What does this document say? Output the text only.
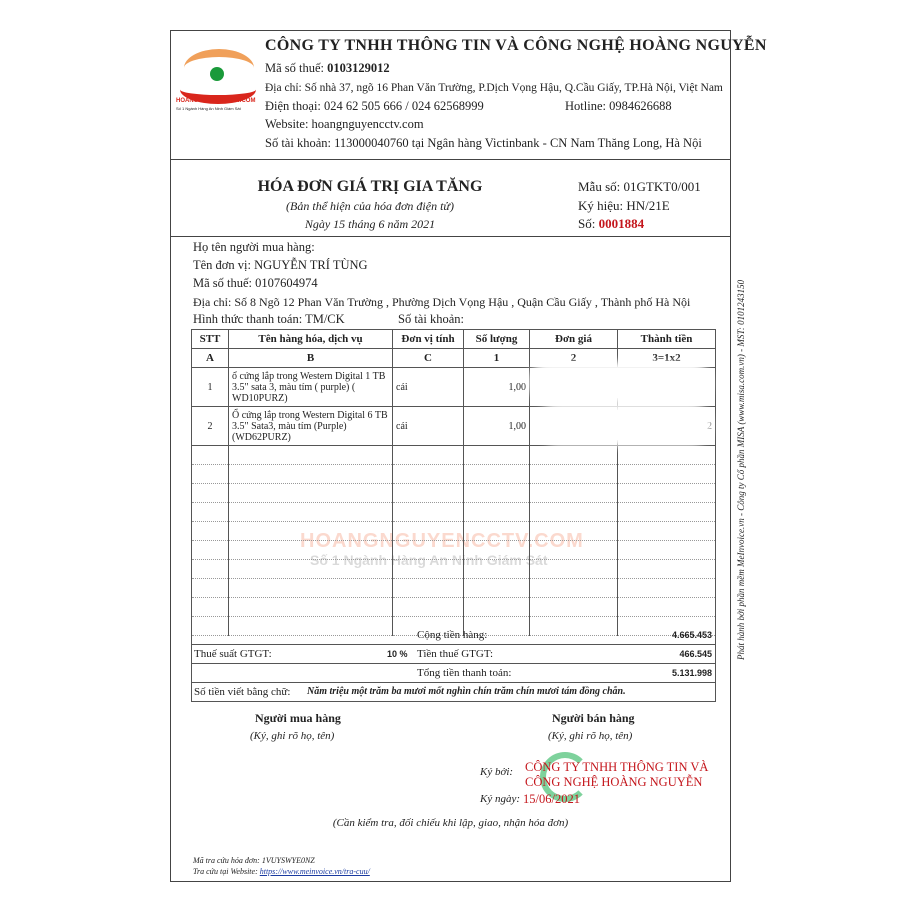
HOANGNGUYENCCTV.COM
Số 1 Ngành Hàng An Ninh Giám Sát
CÔNG TY TNHH THÔNG TIN VÀ CÔNG NGHỆ HOÀNG NGUYỄN
Mã số thuế: 0103129012
Địa chỉ: Số nhà 37, ngõ 16 Phan Văn Trường, P.Dịch Vọng Hậu, Q.Cầu Giấy, TP.Hà Nội, Việt Nam
Điện thoại: 024 62 505 666 / 024 62568999	Hotline: 0984626688
Website: hoangnguyencctv.com
Số tài khoản: 113000040760 tại Ngân hàng Victinbank - CN Nam Thăng Long, Hà Nội
HÓA ĐƠN GIÁ TRỊ GIA TĂNG
(Bản thể hiện của hóa đơn điện tử)
Ngày 15 tháng 6 năm 2021
Mẫu số: 01GTKT0/001
Ký hiệu: HN/21E
Số: 0001884
Họ tên người mua hàng:
Tên đơn vị: NGUYỄN TRÍ TÙNG
Mã số thuế: 0107604974
Địa chỉ: Số 8 Ngõ 12 Phan Văn Trường , Phường Dịch Vọng Hậu , Quận Cầu Giấy , Thành phố Hà Nội
Hình thức thanh toán: TM/CK	Số tài khoản:
HOANGNGUYENCCTV.COM
Số 1 Ngành Hàng An Ninh Giám Sát
STT	Tên hàng hóa, dịch vụ	Đơn vị tính	Số lượng	Đơn giá	Thành tiền
A	B	C	1	2	3=1x2
1	ổ cứng lắp trong Western Digital 1 TB 3.5" sata 3, màu tím ( purple) ( WD10PURZ)	cái	1,00		
2	Ổ cứng lắp trong Western Digital 6 TB 3.5" Sata3, màu tím (Purple) (WD62PURZ)	cái	1,00		2

Cộng tiền hàng:	4.665.453
Thuế suất GTGT:	10 % Tiền thuế GTGT:	466.545
Tổng tiền thanh toán:	5.131.998
Số tiền viết bằng chữ: Năm triệu một trăm ba mươi mốt nghìn chín trăm chín mươi tám đồng chẵn.
Người mua hàng
(Ký, ghi rõ họ, tên)
Người bán hàng
(Ký, ghi rõ họ, tên)
Ký bởi: CÔNG TY TNHH THÔNG TIN VÀ CÔNG NGHỆ HOÀNG NGUYỄN
Ký ngày: 15/06/2021
(Cần kiểm tra, đối chiếu khi lập, giao, nhận hóa đơn)
Mã tra cứu hóa đơn: 1VUYSWYE0NZ
Tra cứu tại Website: https://www.meinvoice.vn/tra-cuu/
Phát hành bởi phần mềm MeInvoice.vn - Công ty Cổ phần MISA (www.misa.com.vn) - MST: 0101243150
